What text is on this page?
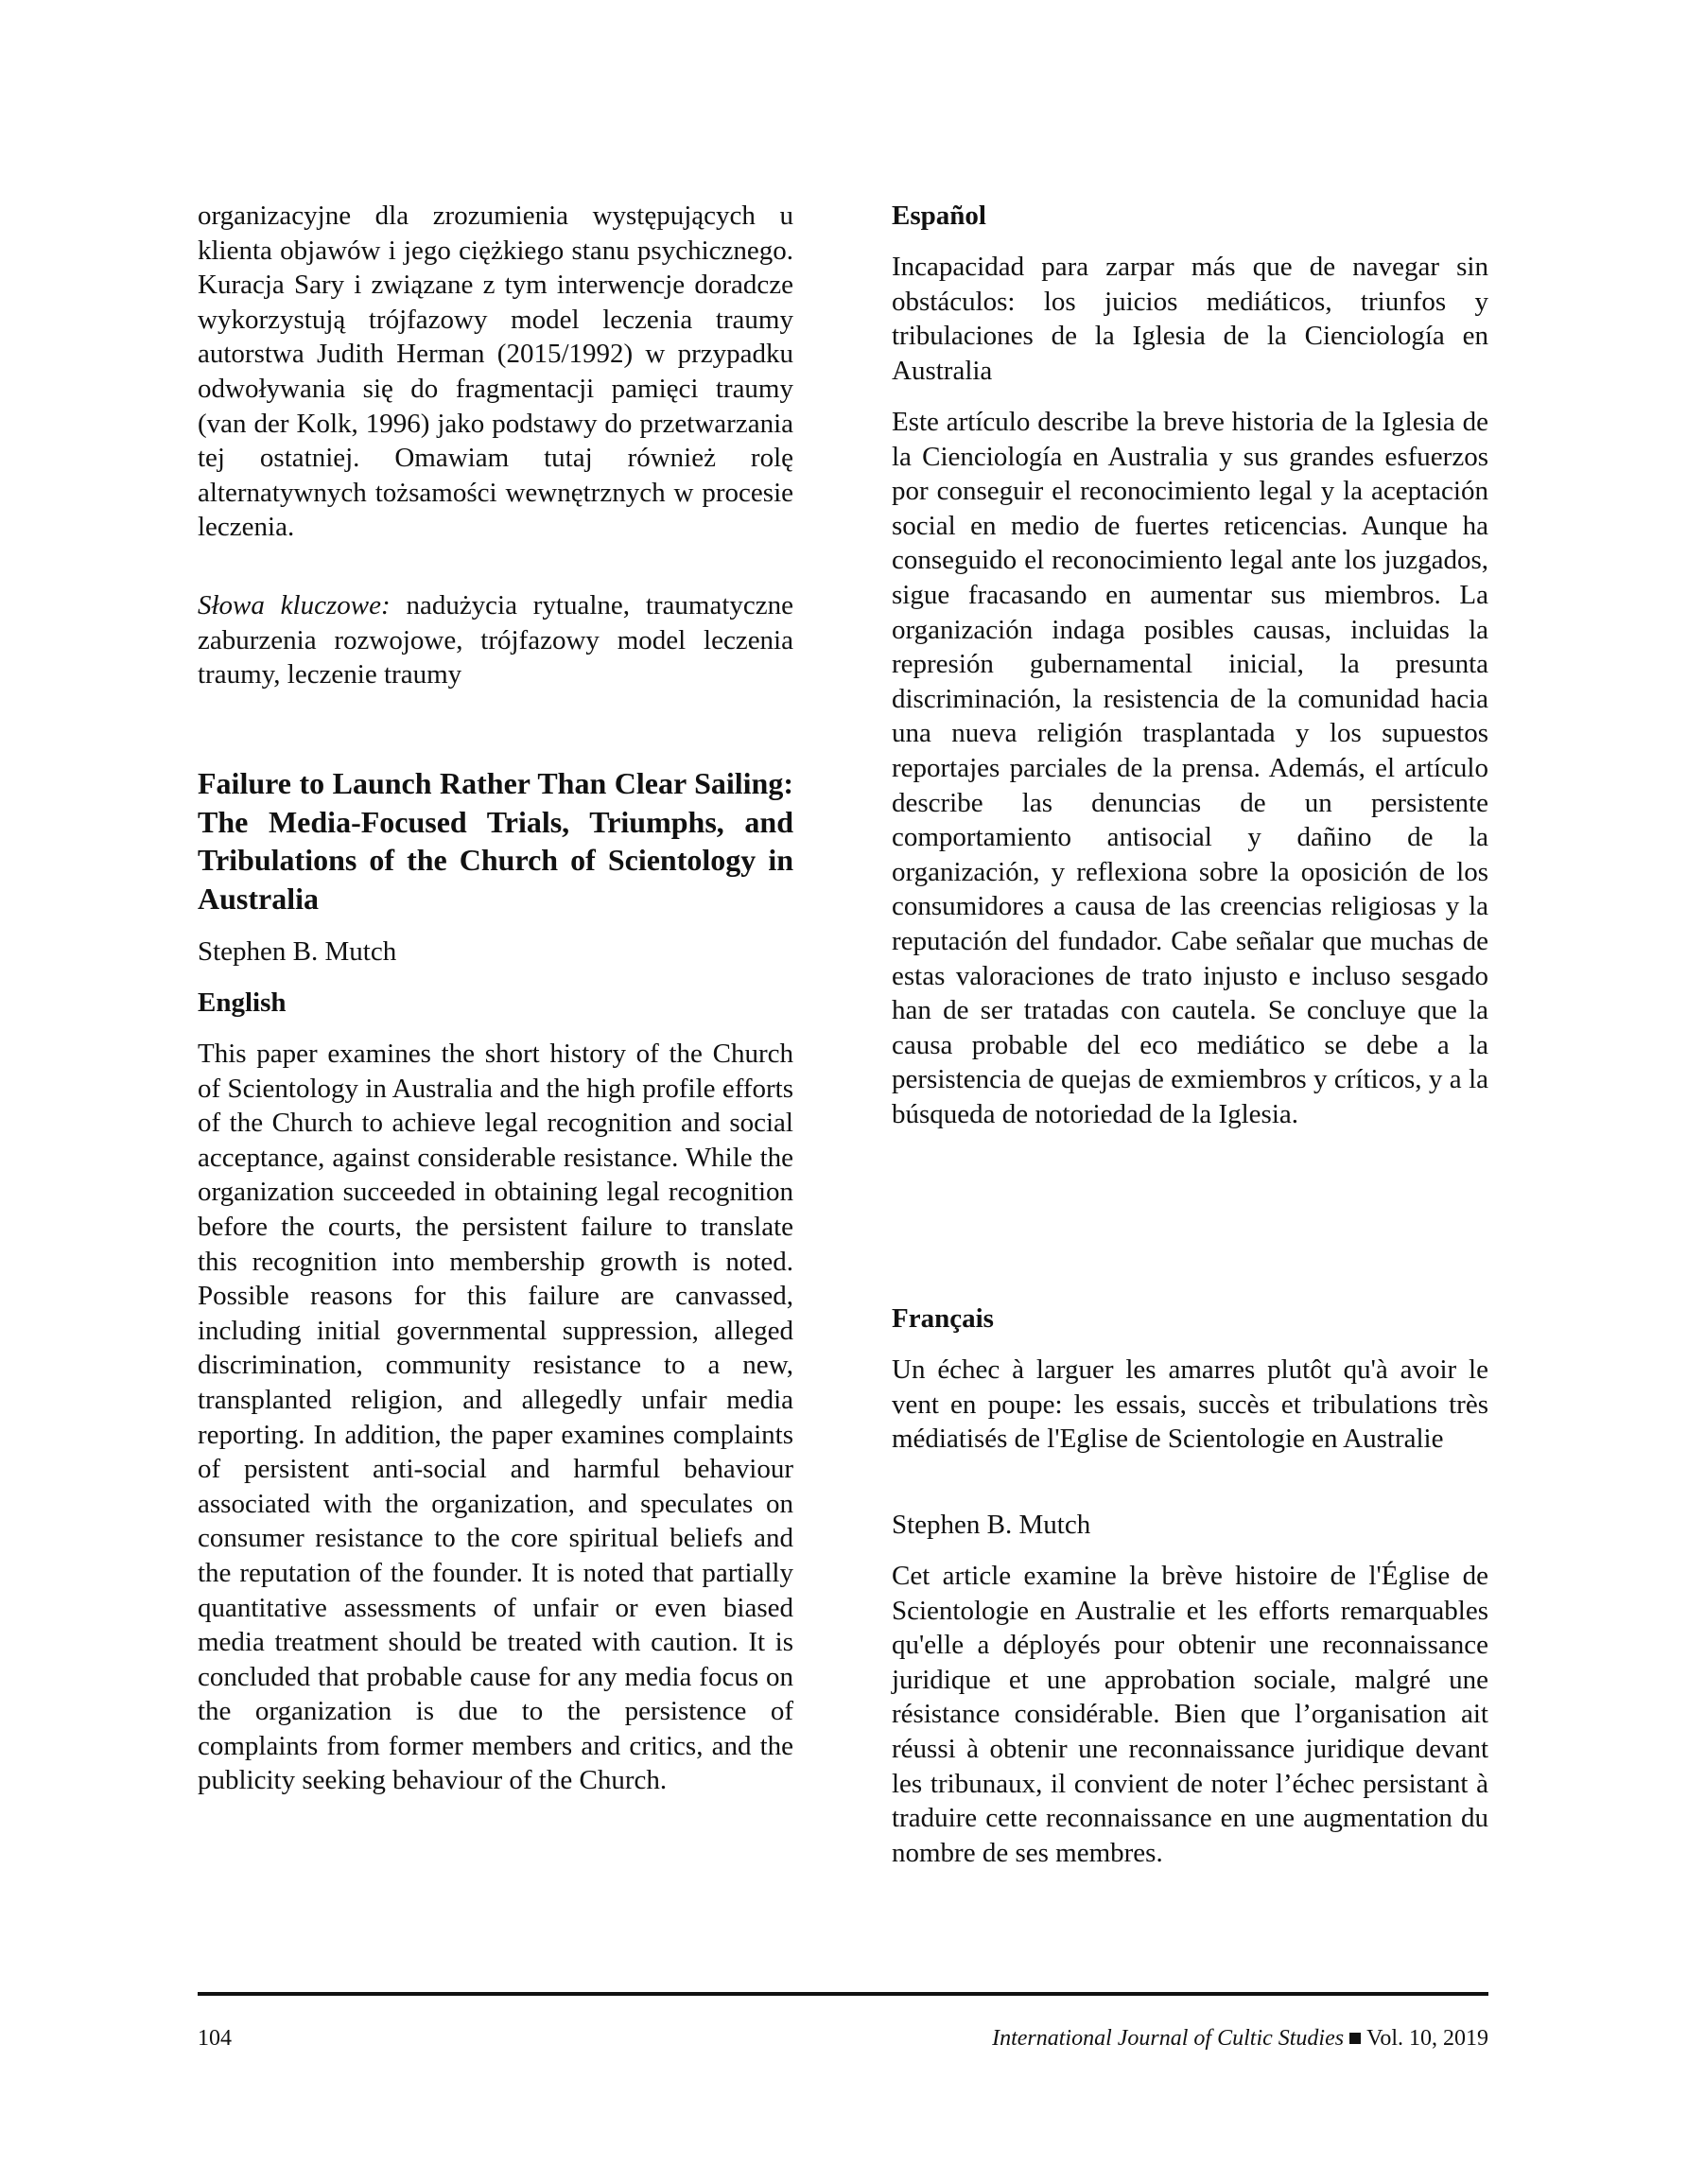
organizacyjne dla zrozumienia występujących u klienta objawów i jego ciężkiego stanu psychicznego. Kuracja Sary i związane z tym interwencje doradcze wykorzystują trójfazowy model leczenia traumy autorstwa Judith Herman (2015/1992) w przypadku odwoływania się do fragmentacji pamięci traumy (van der Kolk, 1996) jako podstawy do przetwarzania tej ostatniej. Omawiam tutaj również rolę alternatywnych tożsamości wewnętrznych w procesie leczenia.

Słowa kluczowe: nadużycia rytualne, traumatyczne zaburzenia rozwojowe, trójfazowy model leczenia traumy, leczenie traumy

Failure to Launch Rather Than Clear Sailing: The Media-Focused Trials, Triumphs, and Tribulations of the Church of Scientology in Australia

Stephen B. Mutch

English

This paper examines the short history of the Church of Scientology in Australia and the high profile efforts of the Church to achieve legal recognition and social acceptance, against considerable resistance. While the organization succeeded in obtaining legal recognition before the courts, the persistent failure to translate this recognition into membership growth is noted. Possible reasons for this failure are canvassed, including initial governmental suppression, alleged discrimination, community resistance to a new, transplanted religion, and allegedly unfair media reporting. In addition, the paper examines complaints of persistent anti-social and harmful behaviour associated with the organization, and speculates on consumer resistance to the core spiritual beliefs and the reputation of the founder. It is noted that partially quantitative assessments of unfair or even biased media treatment should be treated with caution. It is concluded that probable cause for any media focus on the organization is due to the persistence of complaints from former members and critics, and the publicity seeking behaviour of the Church.

Español

Incapacidad para zarpar más que de navegar sin obstáculos: los juicios mediáticos, triunfos y tribulaciones de la Iglesia de la Cienciología en Australia

Este artículo describe la breve historia de la Iglesia de la Cienciología en Australia y sus grandes esfuerzos por conseguir el reconocimiento legal y la aceptación social en medio de fuertes reticencias. Aunque ha conseguido el reconocimiento legal ante los juzgados, sigue fracasando en aumentar sus miembros. La organización indaga posibles causas, incluidas la represión gubernamental inicial, la presunta discriminación, la resistencia de la comunidad hacia una nueva religión trasplantada y los supuestos reportajes parciales de la prensa. Además, el artículo describe las denuncias de un persistente comportamiento antisocial y dañino de la organización, y reflexiona sobre la oposición de los consumidores a causa de las creencias religiosas y la reputación del fundador. Cabe señalar que muchas de estas valoraciones de trato injusto e incluso sesgado han de ser tratadas con cautela. Se concluye que la causa probable del eco mediático se debe a la persistencia de quejas de exmiembros y críticos, y a la búsqueda de notoriedad de la Iglesia.

Français

Un échec à larguer les amarres plutôt qu'à avoir le vent en poupe: les essais, succès et tribulations très médiatisés de l'Eglise de Scientologie en Australie

Stephen B. Mutch

Cet article examine la brève histoire de l'Église de Scientologie en Australie et les efforts remarquables qu'elle a déployés pour obtenir une reconnaissance juridique et une approbation sociale, malgré une résistance considérable. Bien que l’organisation ait réussi à obtenir une reconnaissance juridique devant les tribunaux, il convient de noter l’échec persistant à traduire cette reconnaissance en une augmentation du nombre de ses membres.

104	International Journal of Cultic Studies Vol. 10, 2019
